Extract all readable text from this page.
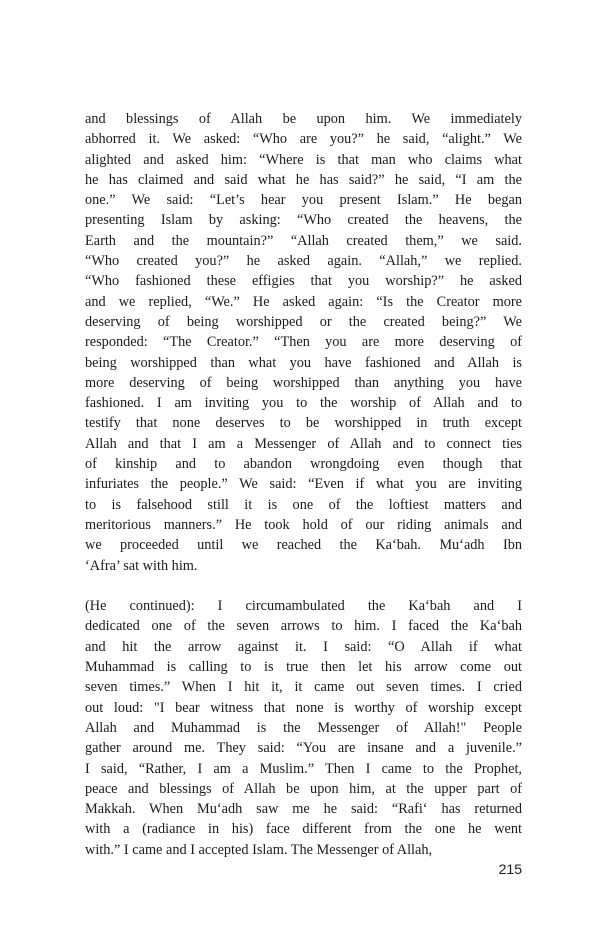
and blessings of Allah be upon him. We immediately
abhorred it. We asked: “Who are you?” he said, “alight.” We
alighted and asked him: “Where is that man who claims what
he has claimed and said what he has said?” he said, “I am the
one.” We said: “Let’s hear you present Islam.” He began
presenting Islam by asking: “Who created the heavens, the
Earth and the mountain?” “Allah created them,” we said.
“Who created you?” he asked again. “Allah,” we replied.
“Who fashioned these effigies that you worship?” he asked
and we replied, “We.” He asked again: “Is the Creator more
deserving of being worshipped or the created being?” We
responded: “The Creator.” “Then you are more deserving of
being worshipped than what you have fashioned and Allah is
more deserving of being worshipped than anything you have
fashioned. I am inviting you to the worship of Allah and to
testify that none deserves to be worshipped in truth except
Allah and that I am a Messenger of Allah and to connect ties
of kinship and to abandon wrongdoing even though that
infuriates the people.” We said: “Even if what you are inviting
to is falsehood still it is one of the loftiest matters and
meritorious manners.” He took hold of our riding animals and
we proceeded until we reached the Ka‘bah. Mu‘adh Ibn
‘Afra’ sat with him.
(He continued): I circumambulated the Ka‘bah and I
dedicated one of the seven arrows to him. I faced the Ka‘bah
and hit the arrow against it. I said: “O Allah if what
Muhammad is calling to is true then let his arrow come out
seven times.” When I hit it, it came out seven times. I cried
out loud: "I bear witness that none is worthy of worship except
Allah and Muhammad is the Messenger of Allah!" People
gather around me. They said: “You are insane and a juvenile.”
I said, “Rather, I am a Muslim.” Then I came to the Prophet,
peace and blessings of Allah be upon him, at the upper part of
Makkah. When Mu‘adh saw me he said: “Rafi‘ has returned
with a (radiance in his) face different from the one he went
with.” I came and I accepted Islam. The Messenger of Allah,
215
